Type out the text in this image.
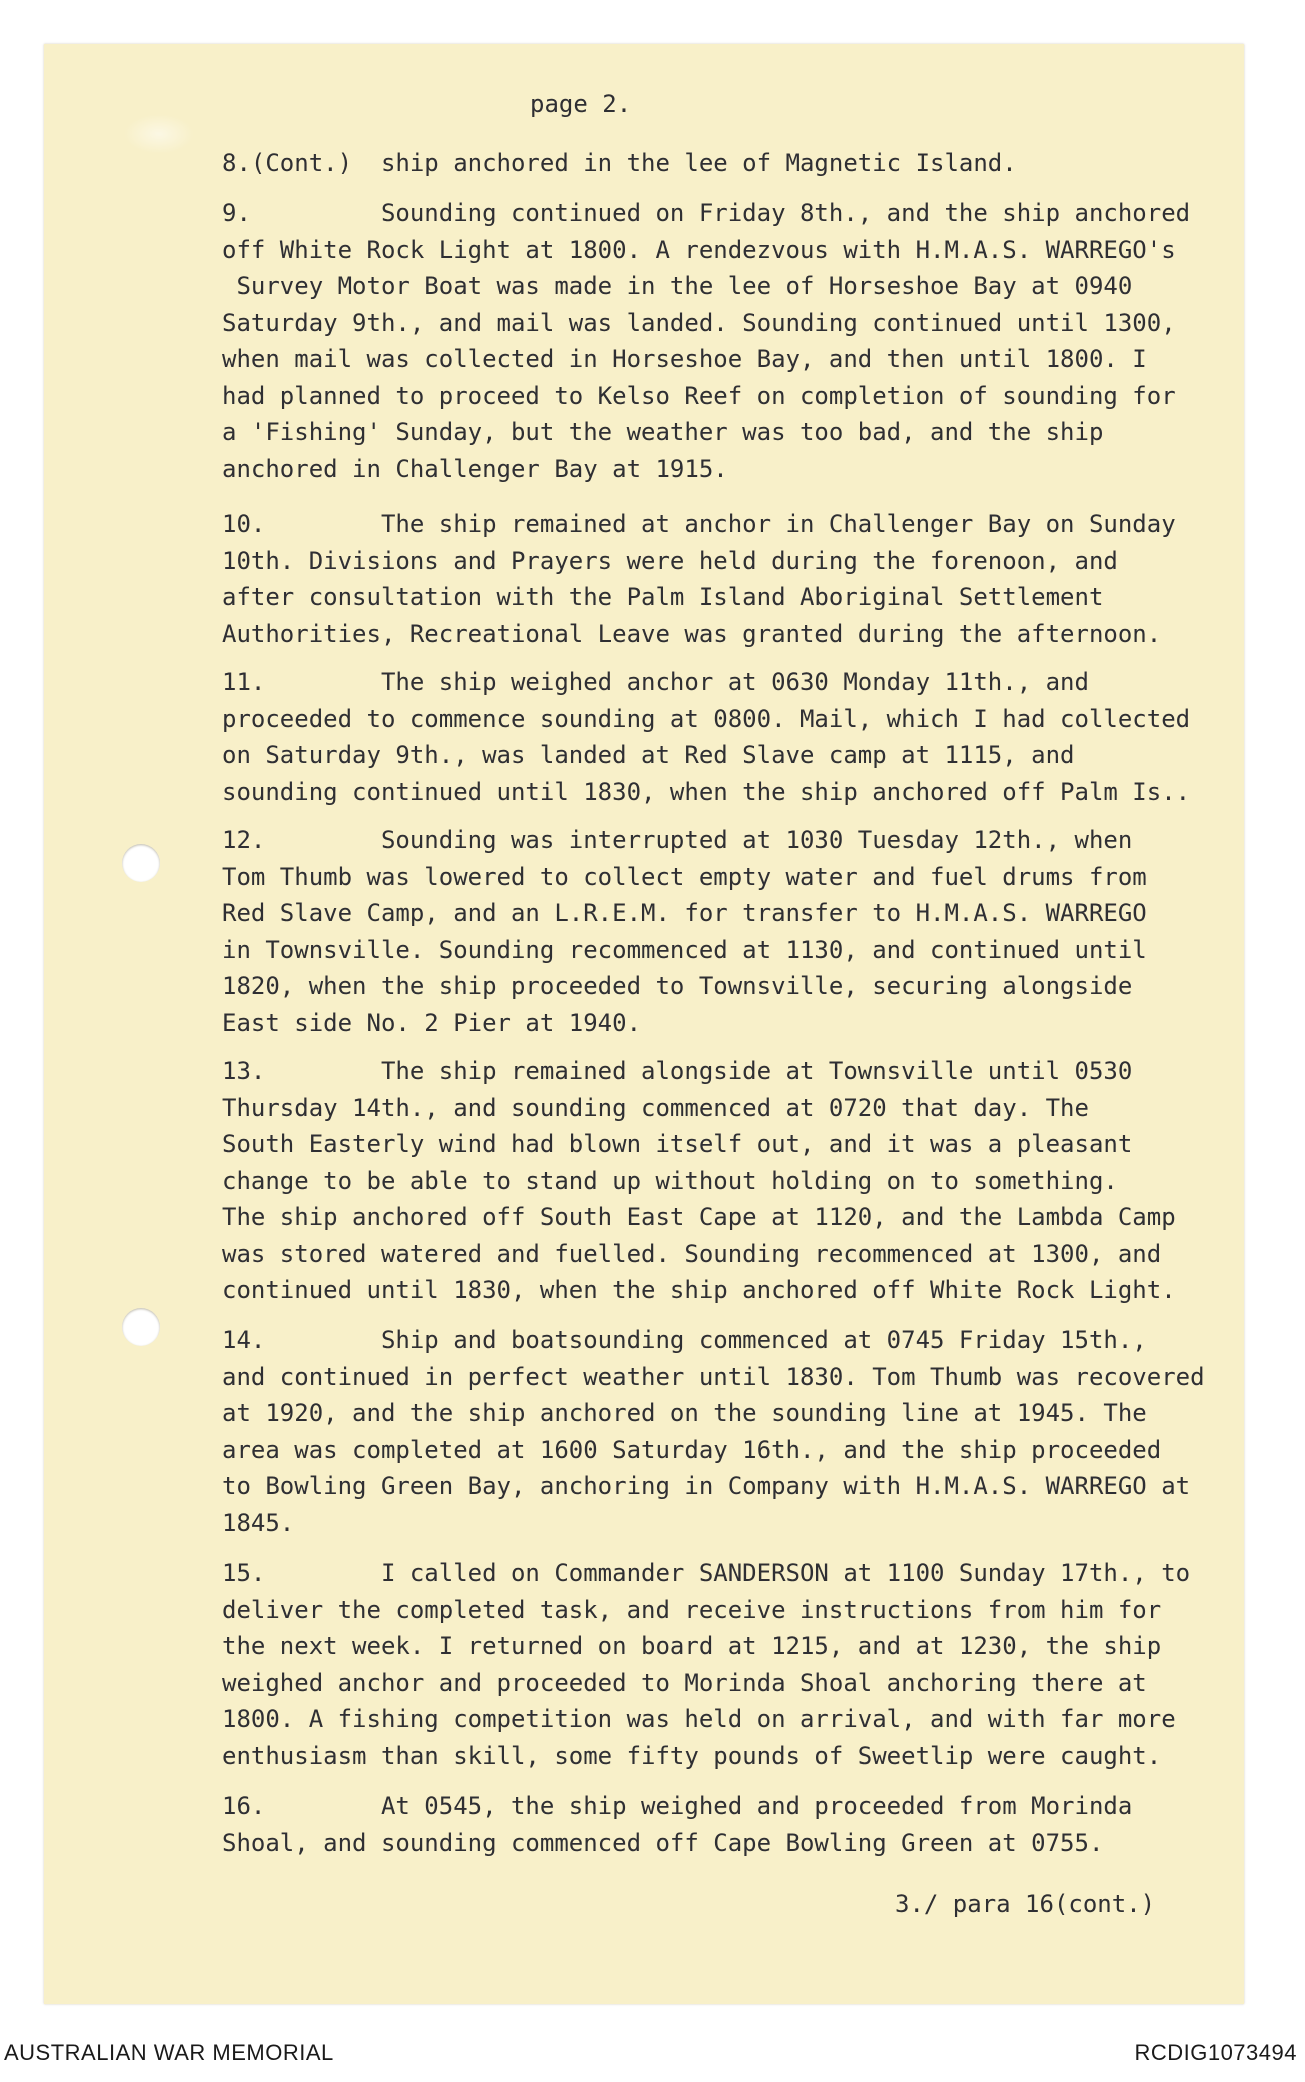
page 2.
8.(Cont.)  ship anchored in the lee of Magnetic Island.
9.         Sounding continued on Friday 8th., and the ship anchored
off White Rock Light at 1800. A rendezvous with H.M.A.S. WARREGO's
Survey Motor Boat was made in the lee of Horseshoe Bay at 0940
Saturday 9th., and mail was landed. Sounding continued until 1300,
when mail was collected in Horseshoe Bay, and then until 1800. I
had planned to proceed to Kelso Reef on completion of sounding for
a 'Fishing' Sunday, but the weather was too bad, and the ship
anchored in Challenger Bay at 1915.
10.        The ship remained at anchor in Challenger Bay on Sunday
10th. Divisions and Prayers were held during the forenoon, and
after consultation with the Palm Island Aboriginal Settlement
Authorities, Recreational Leave was granted during the afternoon.
11.        The ship weighed anchor at 0630 Monday 11th., and
proceeded to commence sounding at 0800. Mail, which I had collected
on Saturday 9th., was landed at Red Slave camp at 1115, and
sounding continued until 1830, when the ship anchored off Palm Is..
12.        Sounding was interrupted at 1030 Tuesday 12th., when
Tom Thumb was lowered to collect empty water and fuel drums from
Red Slave Camp, and an L.R.E.M. for transfer to H.M.A.S. WARREGO
in Townsville. Sounding recommenced at 1130, and continued until
1820, when the ship proceeded to Townsville, securing alongside
East side No. 2 Pier at 1940.
13.        The ship remained alongside at Townsville until 0530
Thursday 14th., and sounding commenced at 0720 that day. The
South Easterly wind had blown itself out, and it was a pleasant
change to be able to stand up without holding on to something.
The ship anchored off South East Cape at 1120, and the Lambda Camp
was stored watered and fuelled. Sounding recommenced at 1300, and
continued until 1830, when the ship anchored off White Rock Light.
14.        Ship and boatsounding commenced at 0745 Friday 15th.,
and continued in perfect weather until 1830. Tom Thumb was recovered
at 1920, and the ship anchored on the sounding line at 1945. The
area was completed at 1600 Saturday 16th., and the ship proceeded
to Bowling Green Bay, anchoring in Company with H.M.A.S. WARREGO at
1845.
15.        I called on Commander SANDERSON at 1100 Sunday 17th., to
deliver the completed task, and receive instructions from him for
the next week. I returned on board at 1215, and at 1230, the ship
weighed anchor and proceeded to Morinda Shoal anchoring there at
1800. A fishing competition was held on arrival, and with far more
enthusiasm than skill, some fifty pounds of Sweetlip were caught.
16.        At 0545, the ship weighed and proceeded from Morinda
Shoal, and sounding commenced off Cape Bowling Green at 0755.
3./ para 16(cont.)
AUSTRALIAN WAR MEMORIAL	RCDIG1073494
